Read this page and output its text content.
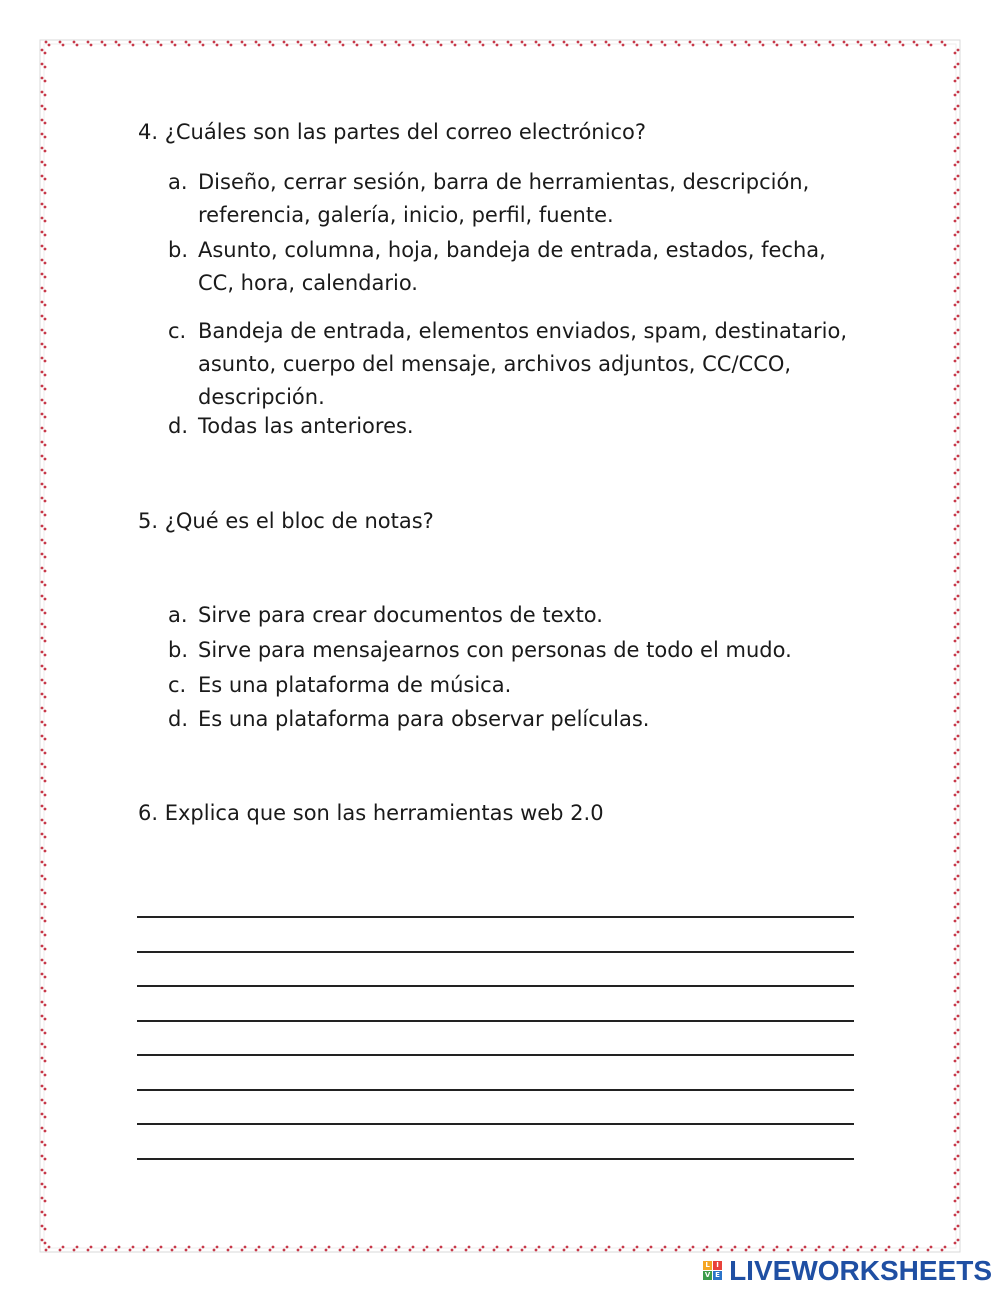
4. ¿Cuáles son las partes del correo electrónico?
a. Diseño, cerrar sesión, barra de herramientas, descripción, referencia, galería, inicio, perfil, fuente.
b. Asunto, columna, hoja, bandeja de entrada, estados, fecha, CC, hora, calendario.
c. Bandeja de entrada, elementos enviados, spam, destinatario, asunto, cuerpo del mensaje, archivos adjuntos, CC/CCO, descripción.
d. Todas las anteriores.
5. ¿Qué es el bloc de notas?
a. Sirve para crear documentos de texto.
b. Sirve para mensajearnos con personas de todo el mudo.
c. Es una plataforma de música.
d. Es una plataforma para observar películas.
6. Explica que son las herramientas web 2.0
L I
V E LIVEWORKSHEETS
